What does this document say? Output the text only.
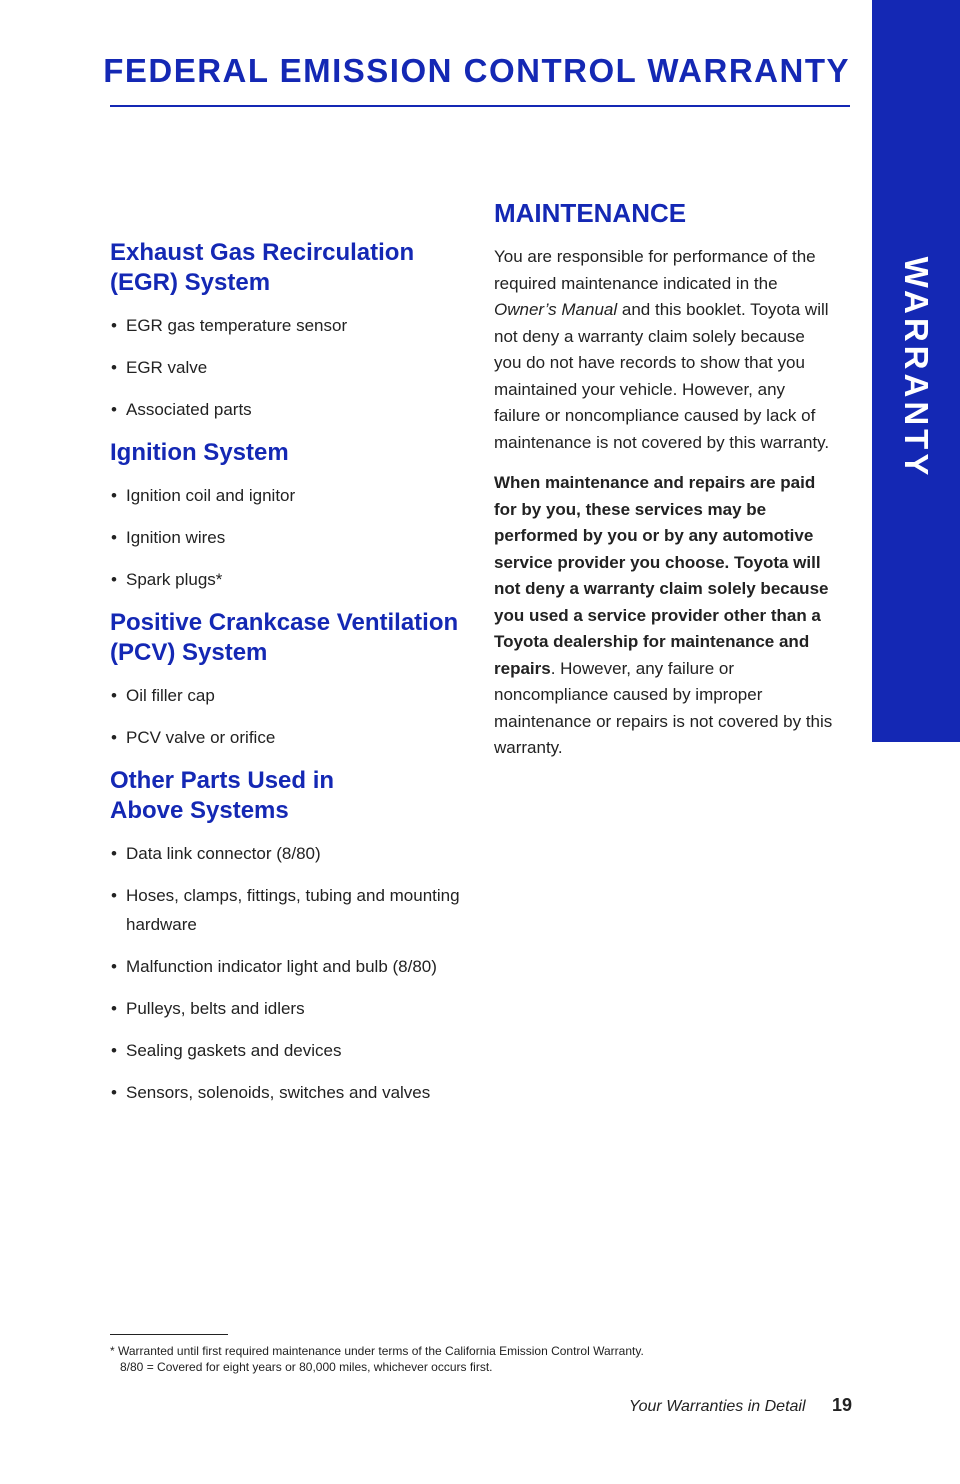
FEDERAL EMISSION CONTROL WARRANTY
WARRANTY
Exhaust Gas Recirculation
(EGR) System
• EGR gas temperature sensor
• EGR valve
• Associated parts
Ignition System
• Ignition coil and ignitor
• Ignition wires
• Spark plugs*
Positive Crankcase Ventilation
(PCV) System
• Oil filler cap
• PCV valve or orifice
Other Parts Used in
Above Systems
• Data link connector (8/80)
• Hoses, clamps, fittings, tubing and mounting hardware
• Malfunction indicator light and bulb (8/80)
• Pulleys, belts and idlers
• Sealing gaskets and devices
• Sensors, solenoids, switches and valves
MAINTENANCE

You are responsible for performance of the required maintenance indicated in the Owner’s Manual and this booklet. Toyota will not deny a warranty claim solely because you do not have records to show that you maintained your vehicle. However, any failure or noncompliance caused by lack of maintenance is not covered by this warranty.

When maintenance and repairs are paid for by you, these services may be performed by you or by any automotive service provider you choose. Toyota will not deny a warranty claim solely because you used a service provider other than a Toyota dealership for maintenance and repairs. However, any failure or noncompliance caused by improper maintenance or repairs is not covered by this warranty.

* Warranted until first required maintenance under terms of the California Emission Control Warranty.
8/80 = Covered for eight years or 80,000 miles, whichever occurs first.
Your Warranties in Detail 19
